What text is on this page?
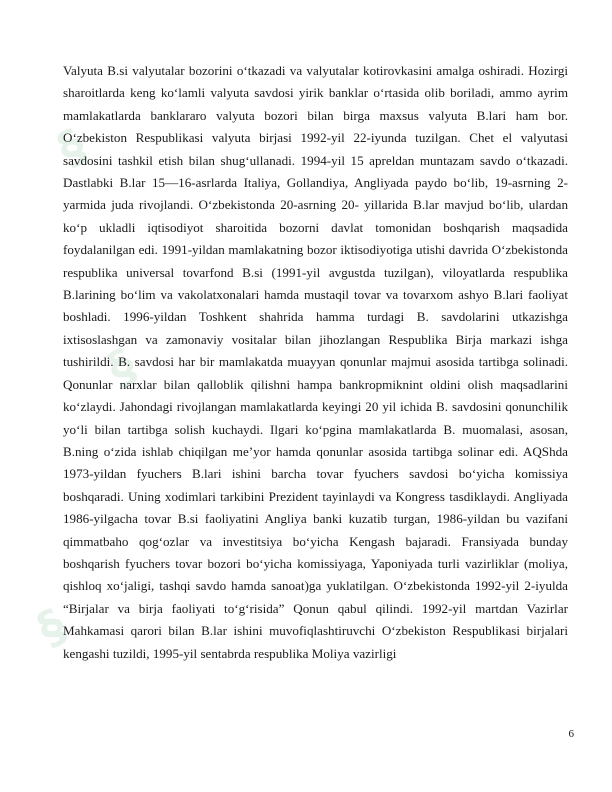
§
§
§

Valyuta B.si valyutalar bozorini o‘tkazadi va valyutalar kotirovkasini amalga oshiradi. Hozirgi sharoitlarda keng ko‘lamli valyuta savdosi yirik banklar o‘rtasida olib boriladi, ammo ayrim mamlakatlarda banklararo valyuta bozori bilan birga maxsus valyuta B.lari ham bor. O‘zbekiston Respublikasi valyuta birjasi 1992-yil 22-iyunda tuzilgan. Chet el valyutasi savdosini tashkil etish bilan shug‘ullanadi. 1994-yil 15 apreldan muntazam savdo o‘tkazadi. Dastlabki B.lar 15—16-asrlarda Italiya, Gollandiya, Angliyada paydo bo‘lib, 19-asrning 2-yarmida juda rivojlandi. O‘zbekistonda 20-asrning 20- yillarida B.lar mavjud bo‘lib, ulardan ko‘p ukladli iqtisodiyot sharoitida bozorni davlat tomonidan boshqarish maqsadida foydalanilgan edi. 1991-yildan mamlakatning bozor iktisodiyotiga utishi davrida O‘zbekistonda respublika universal tovarfond B.si (1991-yil avgustda tuzilgan), viloyatlarda respublika B.larining bo‘lim va vakolatxonalari hamda mustaqil tovar va tovarxom ashyo B.lari faoliyat boshladi. 1996-yildan Toshkent shahrida hamma turdagi B. savdolarini utkazishga ixtisoslashgan va zamonaviy vositalar bilan jihozlangan Respublika Birja markazi ishga tushirildi. B. savdosi har bir mamlakatda muayyan qonunlar majmui asosida tartibga solinadi. Qonunlar narxlar bilan qalloblik qilishni hampa bankropmiknint oldini olish maqsadlarini ko‘zlaydi. Jahondagi rivojlangan mamlakatlarda keyingi 20 yil ichida B. savdosini qonunchilik yo‘li bilan tartibga solish kuchaydi. Ilgari ko‘pgina mamlakatlarda B. muomalasi, asosan, B.ning o‘zida ishlab chiqilgan me’yor hamda qonunlar asosida tartibga solinar edi. AQShda 1973-yildan fyuchers B.lari ishini barcha tovar fyuchers savdosi bo‘yicha komissiya boshqaradi. Uning xodimlari tarkibini Prezident tayinlaydi va Kongress tasdiklaydi. Angliyada 1986-yilgacha tovar B.si faoliyatini Angliya banki kuzatib turgan, 1986-yildan bu vazifani qimmatbaho qog‘ozlar va investitsiya bo‘yicha Kengash bajaradi. Fransiyada bunday boshqarish fyuchers tovar bozori bo‘yicha komissiyaga, Yaponiyada turli vazirliklar (moliya, qishloq xo‘jaligi, tashqi savdo hamda sanoat)ga yuklatilgan. O‘zbekistonda 1992-yil 2-iyulda “Birjalar va birja faoliyati to‘g‘risida” Qonun qabul qilindi. 1992-yil martdan Vazirlar Mahkamasi qarori bilan B.lar ishini muvofiqlashtiruvchi O‘zbekiston Respublikasi birjalari kengashi tuzildi, 1995-yil sentabrda respublika Moliya vazirligi

6
